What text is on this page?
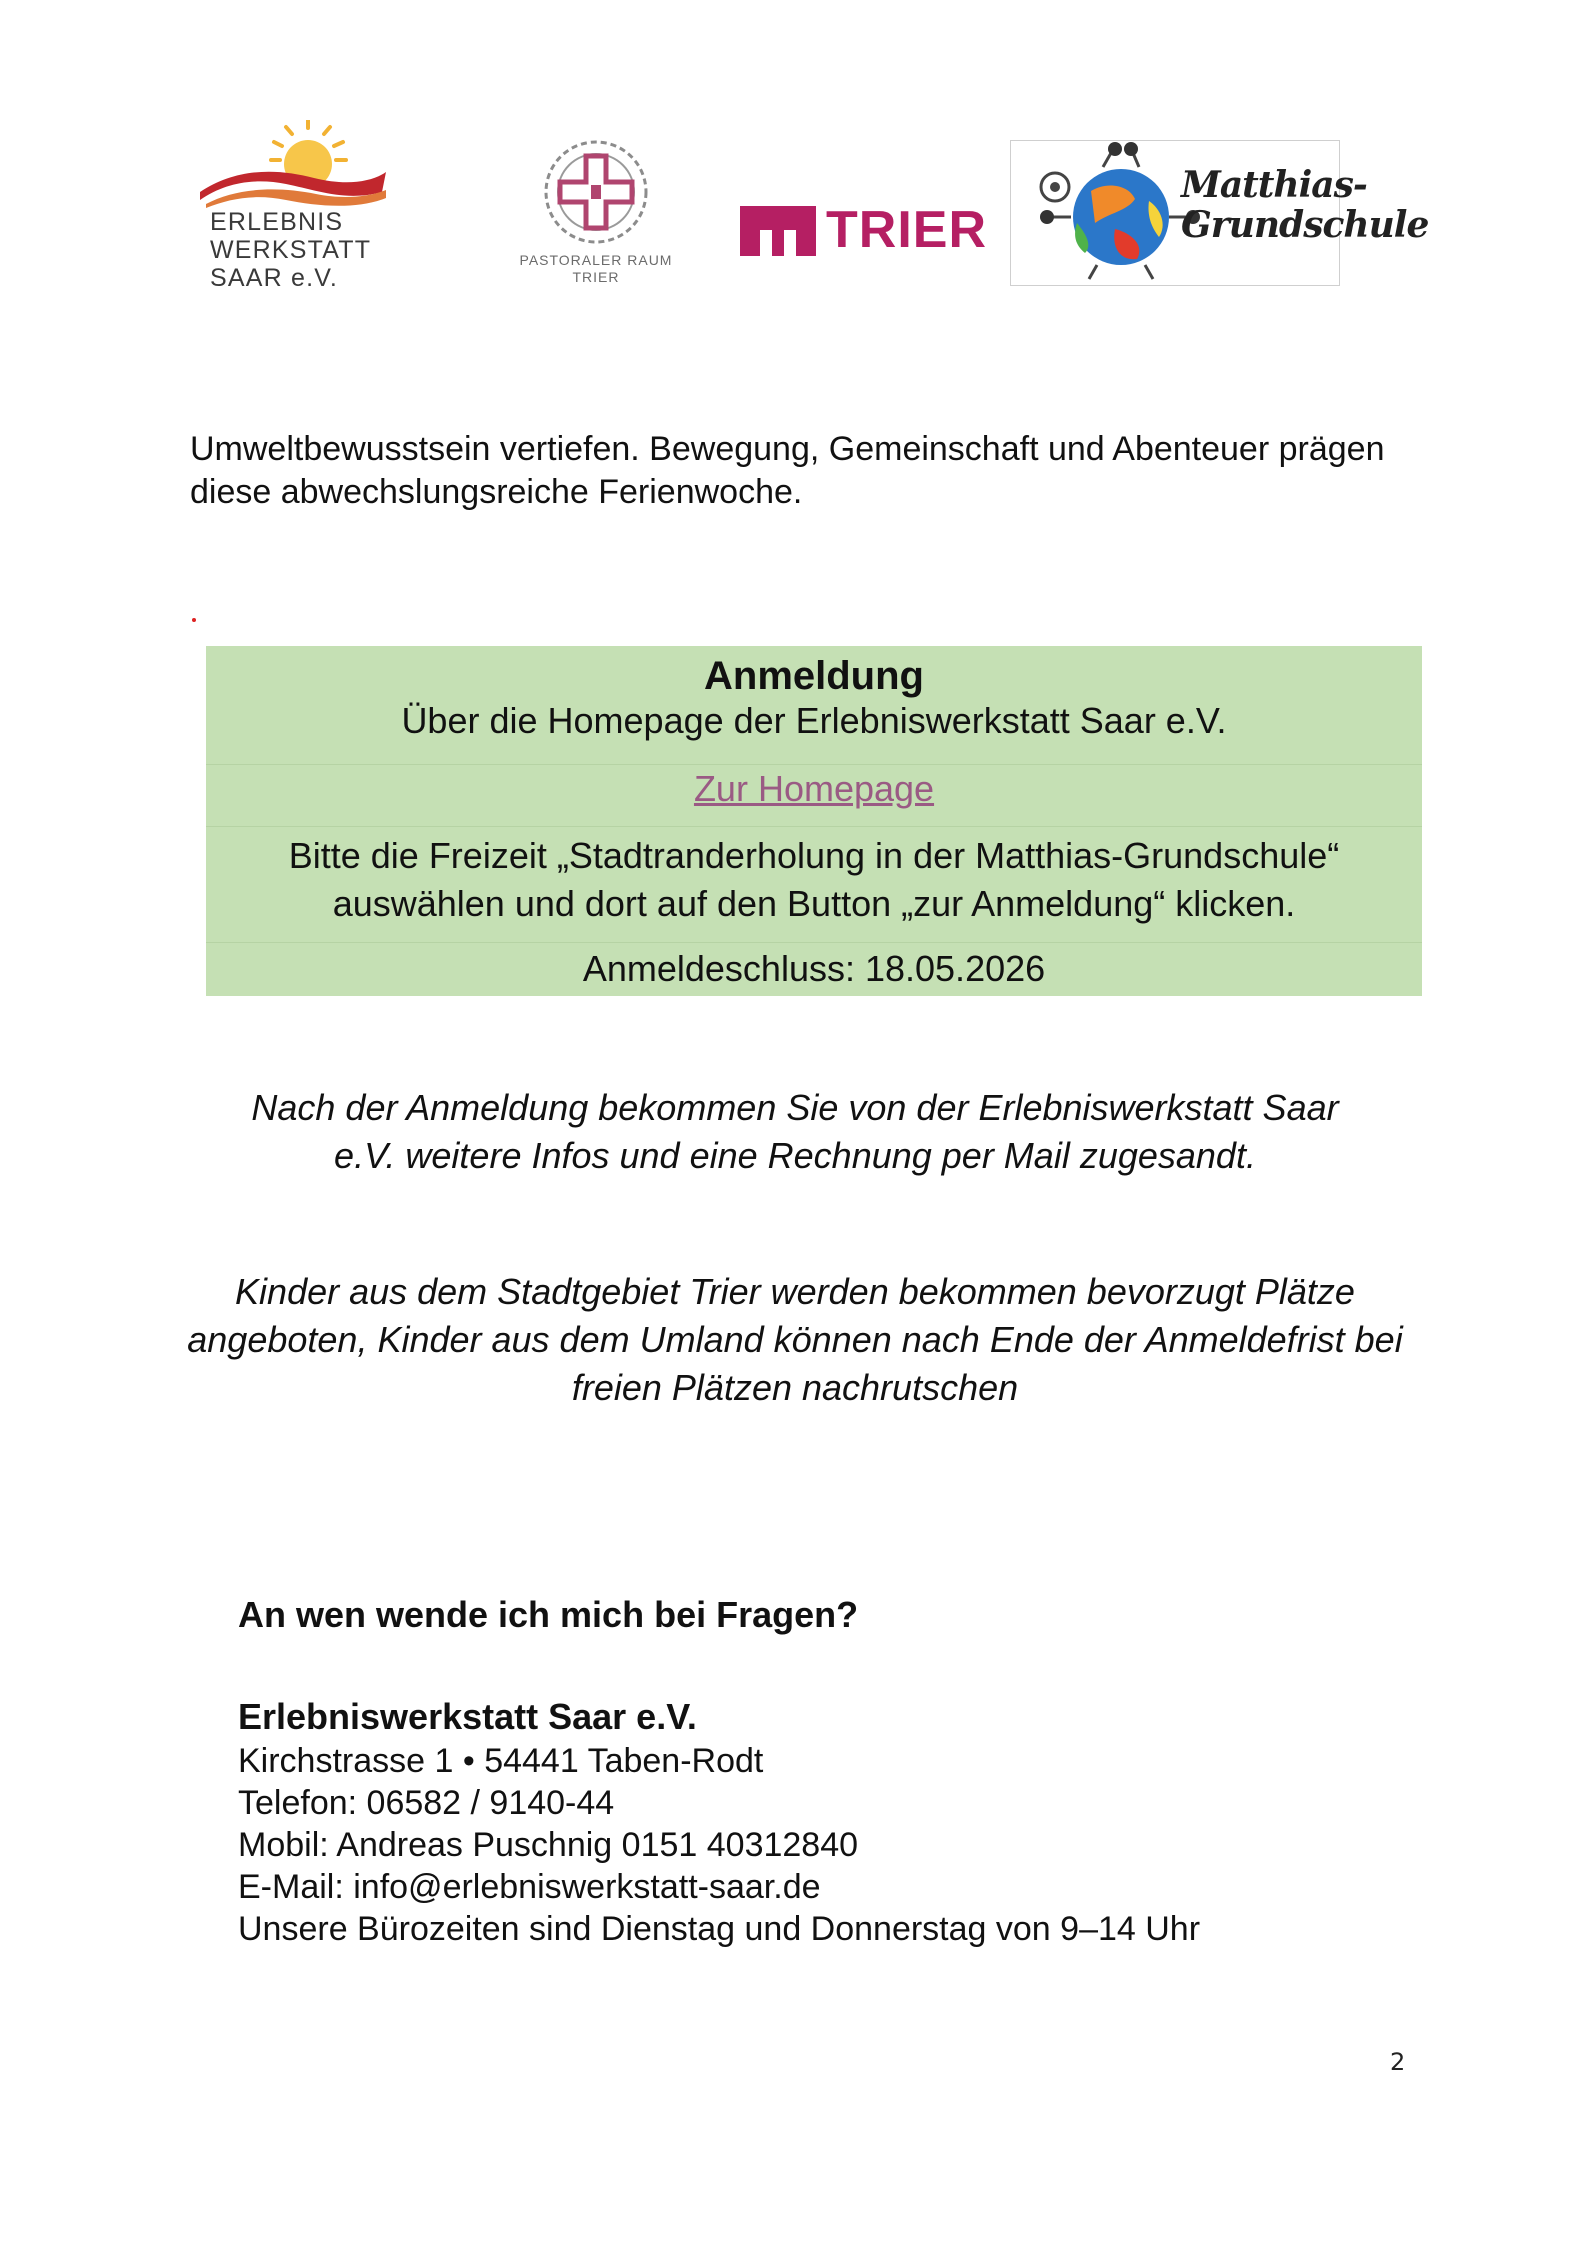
ERLEBNIS
WERKSTATT
SAAR e.V.
PASTORALER RAUM
TRIER
TRIER
Matthias-
Grundschule
Umweltbewusstsein vertiefen. Bewegung, Gemeinschaft und Abenteuer prägen diese abwechslungsreiche Ferienwoche.
Anmeldung
Über die Homepage der Erlebniswerkstatt Saar e.V.
Zur Homepage
Bitte die Freizeit „Stadtranderholung in der Matthias-Grundschule“ auswählen und dort auf den Button „zur Anmeldung“ klicken.
Anmeldeschluss: 18.05.2026
Nach der Anmeldung bekommen Sie von der Erlebniswerkstatt Saar e.V. weitere Infos und eine Rechnung per Mail zugesandt.
Kinder aus dem Stadtgebiet Trier werden bekommen bevorzugt Plätze angeboten, Kinder aus dem Umland können nach Ende der Anmeldefrist bei freien Plätzen nachrutschen
An wen wende ich mich bei Fragen?
Erlebniswerkstatt Saar e.V.
Kirchstrasse 1 • 54441 Taben-Rodt
Telefon: 06582 / 9140-44
Mobil: Andreas Puschnig 0151 40312840
E-Mail: info@erlebniswerkstatt-saar.de
Unsere Bürozeiten sind Dienstag und Donnerstag von 9–14 Uhr
2
